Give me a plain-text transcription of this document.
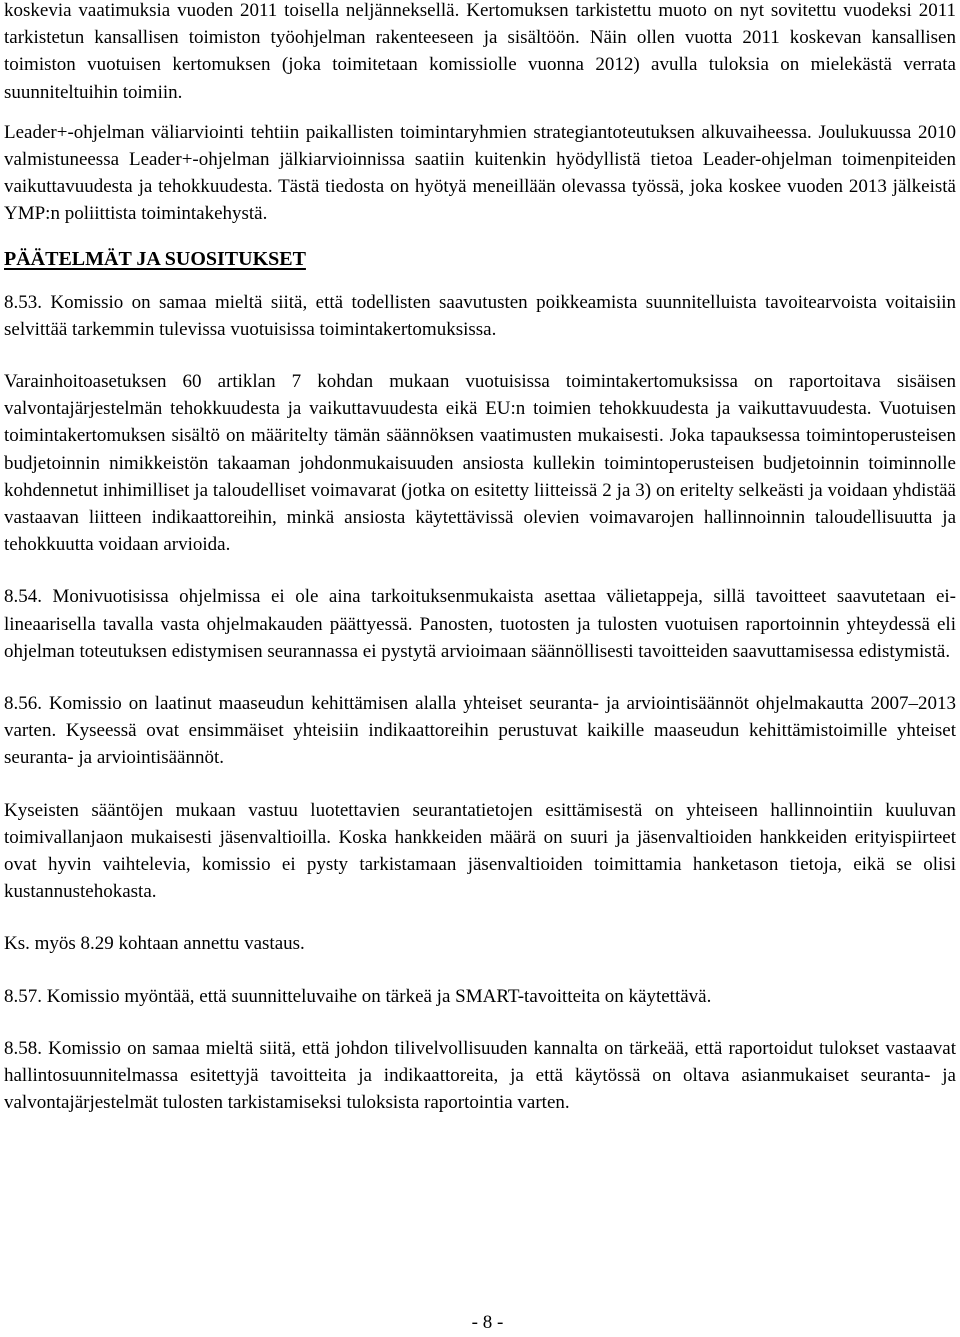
koskevia vaatimuksia vuoden 2011 toisella neljänneksellä. Kertomuksen tarkistettu muoto on nyt sovitettu vuodeksi 2011 tarkistetun kansallisen toimiston työohjelman rakenteeseen ja sisältöön. Näin ollen vuotta 2011 koskevan kansallisen toimiston vuotuisen kertomuksen (joka toimitetaan komissiolle vuonna 2012) avulla tuloksia on mielekästä verrata suunniteltuihin toimiin.

Leader+-ohjelman väliarviointi tehtiin paikallisten toimintaryhmien strategiantoteutuksen alkuvaiheessa. Joulukuussa 2010 valmistuneessa Leader+-ohjelman jälkiarvioinnissa saatiin kuitenkin hyödyllistä tietoa Leader-ohjelman toimenpiteiden vaikuttavuudesta ja tehokkuudesta. Tästä tiedosta on hyötyä meneillään olevassa työssä, joka koskee vuoden 2013 jälkeistä YMP:n poliittista toimintakehystä.

PÄÄTELMÄT JA SUOSITUKSET

8.53. Komissio on samaa mieltä siitä, että todellisten saavutusten poikkeamista suunnitelluista tavoitearvoista voitaisiin selvittää tarkemmin tulevissa vuotuisissa toimintakertomuksissa.

Varainhoitoasetuksen 60 artiklan 7 kohdan mukaan vuotuisissa toimintakertomuksissa on raportoitava sisäisen valvontajärjestelmän tehokkuudesta ja vaikuttavuudesta eikä EU:n toimien tehokkuudesta ja vaikuttavuudesta. Vuotuisen toimintakertomuksen sisältö on määritelty tämän säännöksen vaatimusten mukaisesti. Joka tapauksessa toimintoperusteisen budjetoinnin nimikkeistön takaaman johdonmukaisuuden ansiosta kullekin toimintoperusteisen budjetoinnin toiminnolle kohdennetut inhimilliset ja taloudelliset voimavarat (jotka on esitetty liitteissä 2 ja 3) on eritelty selkeästi ja voidaan yhdistää vastaavan liitteen indikaattoreihin, minkä ansiosta käytettävissä olevien voimavarojen hallinnoinnin taloudellisuutta ja tehokkuutta voidaan arvioida.

8.54. Monivuotisissa ohjelmissa ei ole aina tarkoituksenmukaista asettaa välietappeja, sillä tavoitteet saavutetaan ei-lineaarisella tavalla vasta ohjelmakauden päättyessä. Panosten, tuotosten ja tulosten vuotuisen raportoinnin yhteydessä eli ohjelman toteutuksen edistymisen seurannassa ei pystytä arvioimaan säännöllisesti tavoitteiden saavuttamisessa edistymistä.

8.56. Komissio on laatinut maaseudun kehittämisen alalla yhteiset seuranta- ja arviointisäännöt ohjelmakautta 2007–2013 varten. Kyseessä ovat ensimmäiset yhteisiin indikaattoreihin perustuvat kaikille maaseudun kehittämistoimille yhteiset seuranta- ja arviointisäännöt.

Kyseisten sääntöjen mukaan vastuu luotettavien seurantatietojen esittämisestä on yhteiseen hallinnointiin kuuluvan toimivallanjaon mukaisesti jäsenvaltioilla. Koska hankkeiden määrä on suuri ja jäsenvaltioiden hankkeiden erityispiirteet ovat hyvin vaihtelevia, komissio ei pysty tarkistamaan jäsenvaltioiden toimittamia hanketason tietoja, eikä se olisi kustannustehokasta.

Ks. myös 8.29 kohtaan annettu vastaus.

8.57. Komissio myöntää, että suunnitteluvaihe on tärkeä ja SMART-tavoitteita on käytettävä.

8.58. Komissio on samaa mieltä siitä, että johdon tilivelvollisuuden kannalta on tärkeää, että raportoidut tulokset vastaavat hallintosuunnitelmassa esitettyjä tavoitteita ja indikaattoreita, ja että käytössä on oltava asianmukaiset seuranta- ja valvontajärjestelmät tulosten tarkistamiseksi tuloksista raportointia varten.

- 8 -
